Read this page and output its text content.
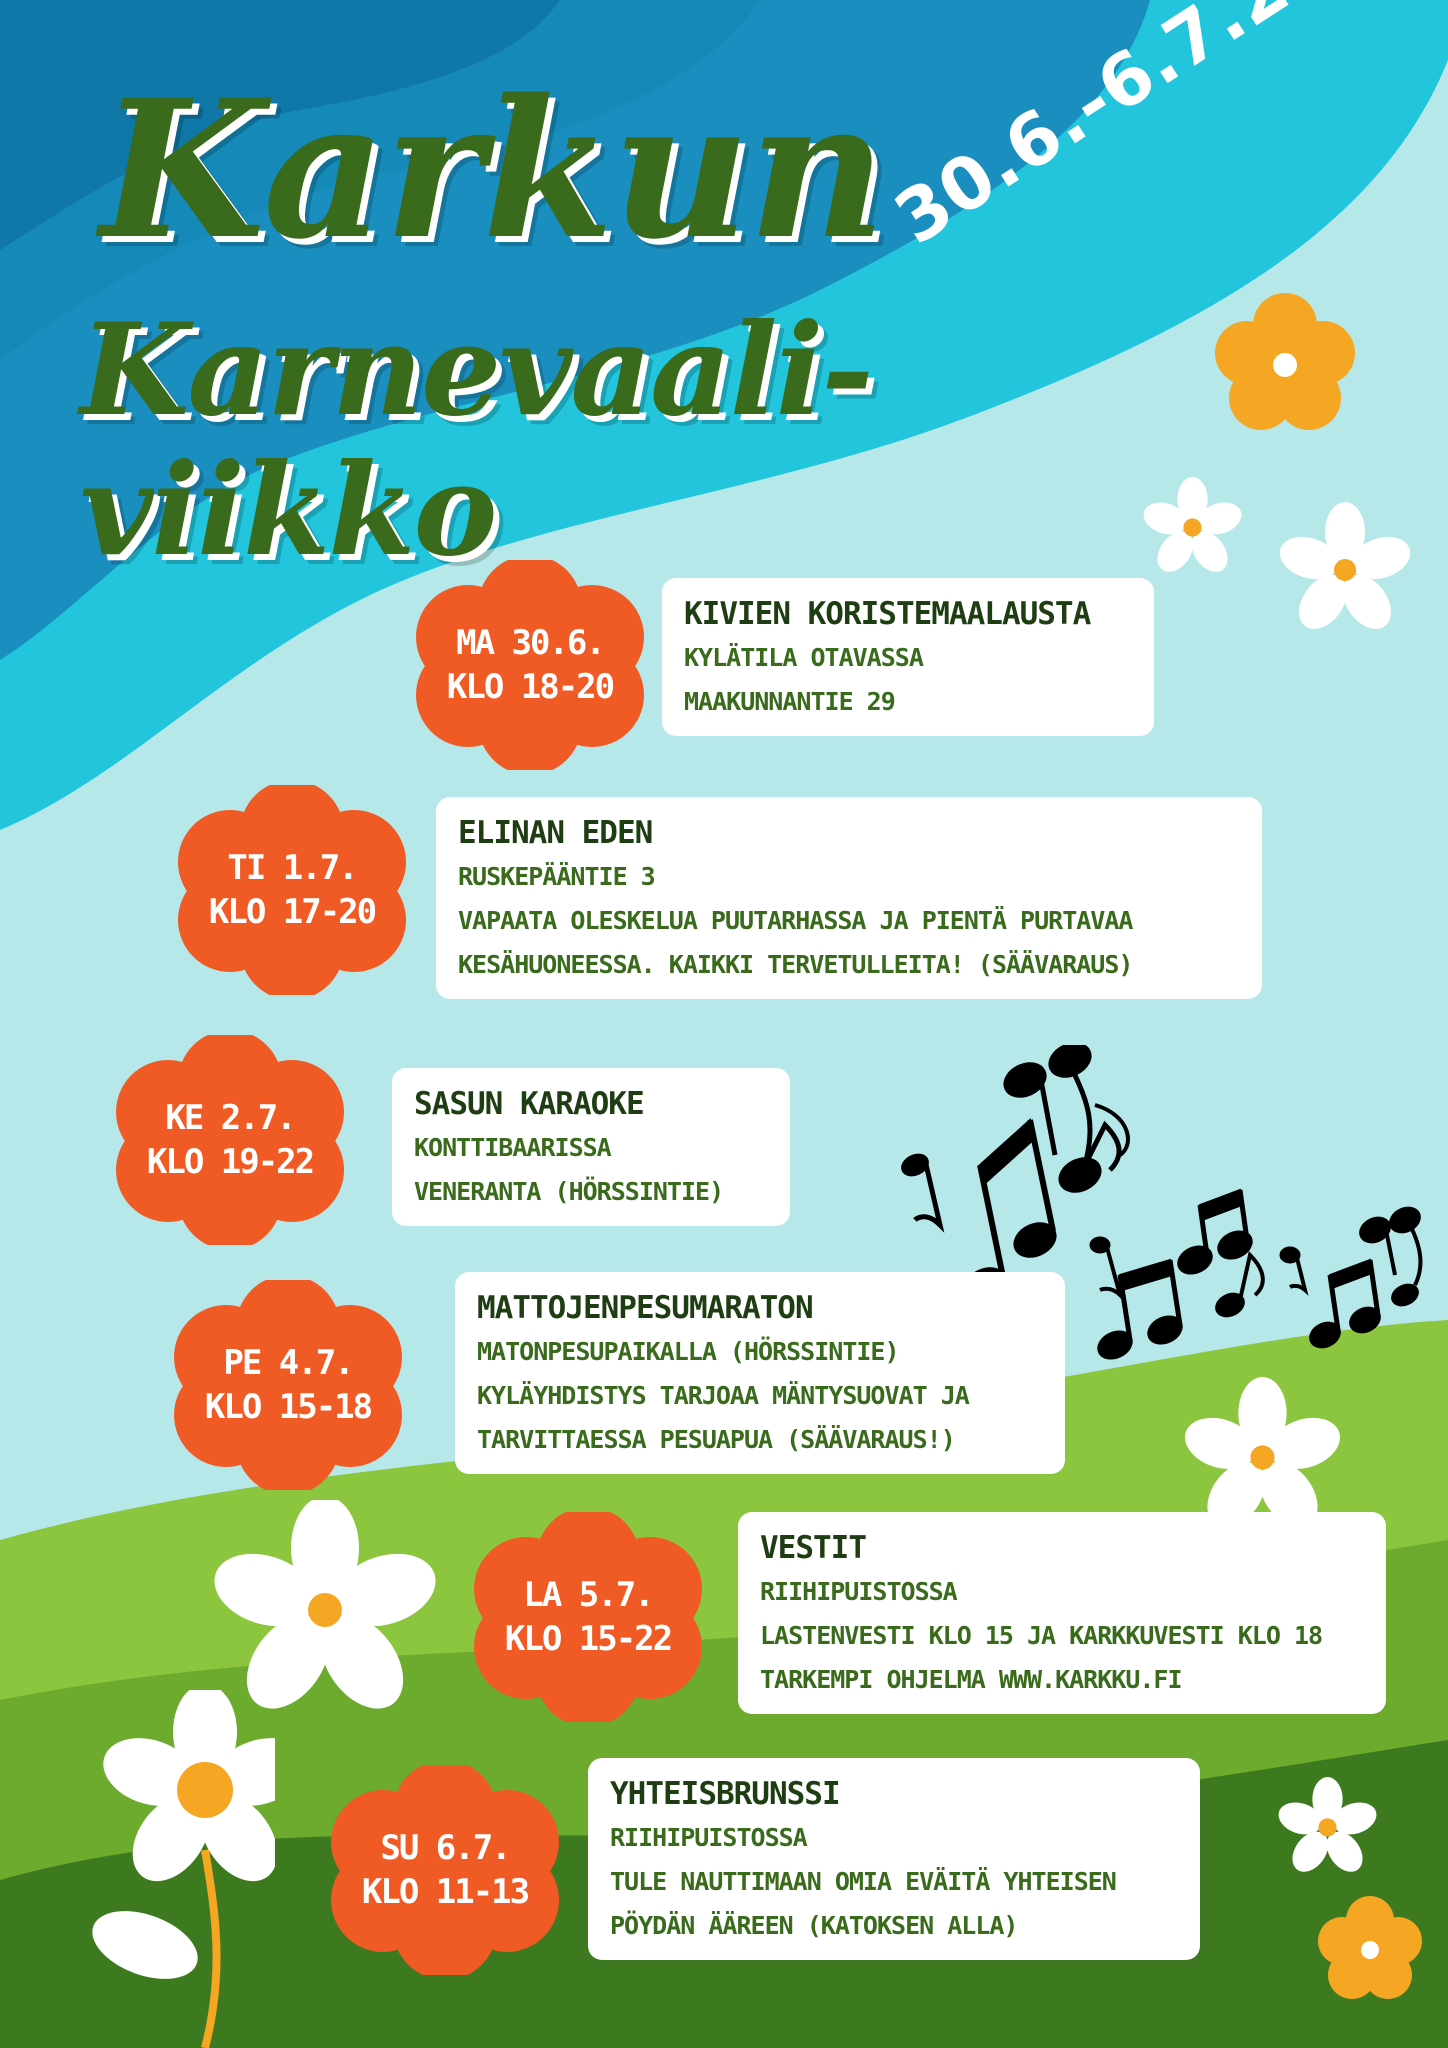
Karkun
Karnevaali-
viikko
MA 30.6.
KLO 18-20
KIVIEN KORISTEMAALAUSTA
KYLÄTILA OTAVASSA
MAAKUNNANTIE 29
TI 1.7.
KLO 17-20
ELINAN EDEN
RUSKEPÄÄNTIE 3
VAPAATA OLESKELUA PUUTARHASSA JA PIENTÄ PURTAVAA
KESÄHUONEESSA. KAIKKI TERVETULLEITA! (SÄÄVARAUS)
KE 2.7.
KLO 19-22
SASUN KARAOKE
KONTTIBAARISSA
VENERANTA (HÖRSSINTIE)
PE 4.7.
KLO 15-18
MATTOJENPESUMARATON
MATONPESUPAIKALLA (HÖRSSINTIE)
KYLÄYHDISTYS TARJOAA MÄNTYSUOVAT JA
TARVITTAESSA PESUAPUA (SÄÄVARAUS!)
LA 5.7.
KLO 15-22
VESTIT
RIIHIPUISTOSSA
LASTENVESTI KLO 15 JA KARKKUVESTI KLO 18
TARKEMPI OHJELMA WWW.KARKKU.FI
SU 6.7.
KLO 11-13
YHTEISBRUNSSI
RIIHIPUISTOSSA
TULE NAUTTIMAAN OMIA EVÄITÄ YHTEISEN
PÖYDÄN ÄÄREEN (KATOKSEN ALLA)
